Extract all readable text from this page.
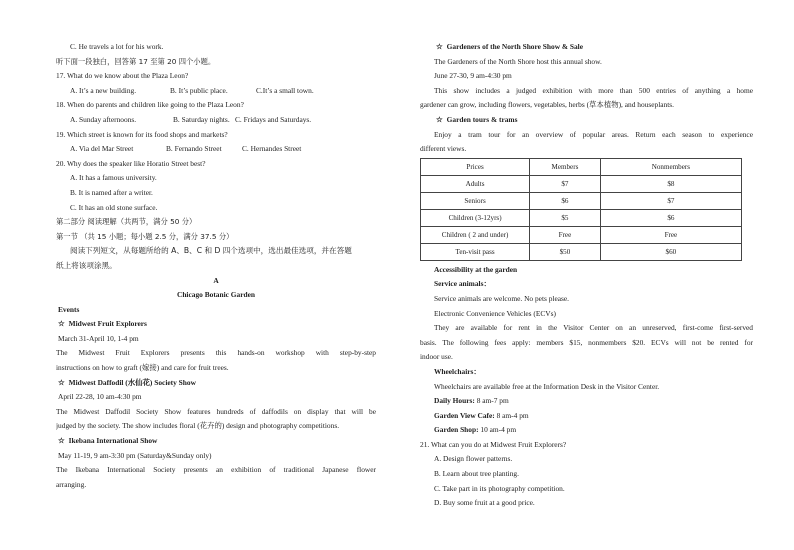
C. He travels a lot for his work.
听下面一段独白，回答第 17 至第 20 四个小题。
17. What do we know about the Plaza Leon?
A. It’s a new building.	B. It’s public place.	C.It’s a small town.
18. When do parents and children like going to the Plaza Leon?
A. Sunday afternoons.	B. Saturday nights. C. Fridays and Saturdays.
19. Which street is known for its food shops and markets?
A. Via del Mar Street	B. Fernando Street	C. Hernandes Street
20. Why does the speaker like Horatio Street best?
A. It has a famous university.
B. It is named after a writer.
C. It has an old stone surface.
第二部分 阅读理解（共两节，满分 50 分）
第一节 （共 15 小题；每小题 2.5 分，满分 37.5 分）
阅读下列短文，从每题所给的 A、B、C 和 D 四个选项中，选出最佳选项，并在答题
纸上将该项涂黑。
A
Chicago Botanic Garden
Events
☆ Midwest Fruit Explorers
March 31-April 10, 1-4 pm
The Midwest Fruit Explorers presents this hands-on workshop with step-by-step
instructions on how to graft (嫁接) and care for fruit trees.
☆ Midwest Daffodil (水仙花) Society Show
April 22-28, 10 am-4:30 pm
The Midwest Daffodil Society Show features hundreds of daffodils on display that will be
judged by the society. The show includes floral (花卉的) design and photography competitions.
☆ Ikebana International Show
May 11-19, 9 am-3:30 pm (Saturday&Sunday only)
The Ikebana International Society presents an exhibition of traditional Japanese flower
arranging.
☆ Gardeners of the North Shore Show & Sale
The Gardeners of the North Shore host this annual show.
June 27-30, 9 am-4:30 pm
This show includes a judged exhibition with more than 500 entries of anything a home
gardener can grow, including flowers, vegetables, herbs (草本植物), and houseplants.
☆ Garden tours & trams
Enjoy a tram tour for an overview of popular areas. Return each season to experience
different views.
Prices	Members	Nonmembers
Adults	$7	$8
Seniors	$6	$7
Children (3-12yrs)	$5	$6
Children ( 2 and under)	Free	Free
Ten-visit pass	$50	$60
Accessibility at the garden
Service animals：
Service animals are welcome. No pets please.
Electronic Convenience Vehicles (ECVs)
They are available for rent in the Visitor Center on an unreserved, first-come first-served
basis. The following fees apply: members $15, nonmembers $20. ECVs will not be rented for
indoor use.
Wheelchairs：
Wheelchairs are available free at the Information Desk in the Visitor Center.
Daily Hours: 8 am-7 pm
Garden View Cafe: 8 am-4 pm
Garden Shop: 10 am-4 pm
21. What can you do at Midwest Fruit Explorers?
A. Design flower patterns.
B. Learn about tree planting.
C. Take part in its photography competition.
D. Buy some fruit at a good price.
